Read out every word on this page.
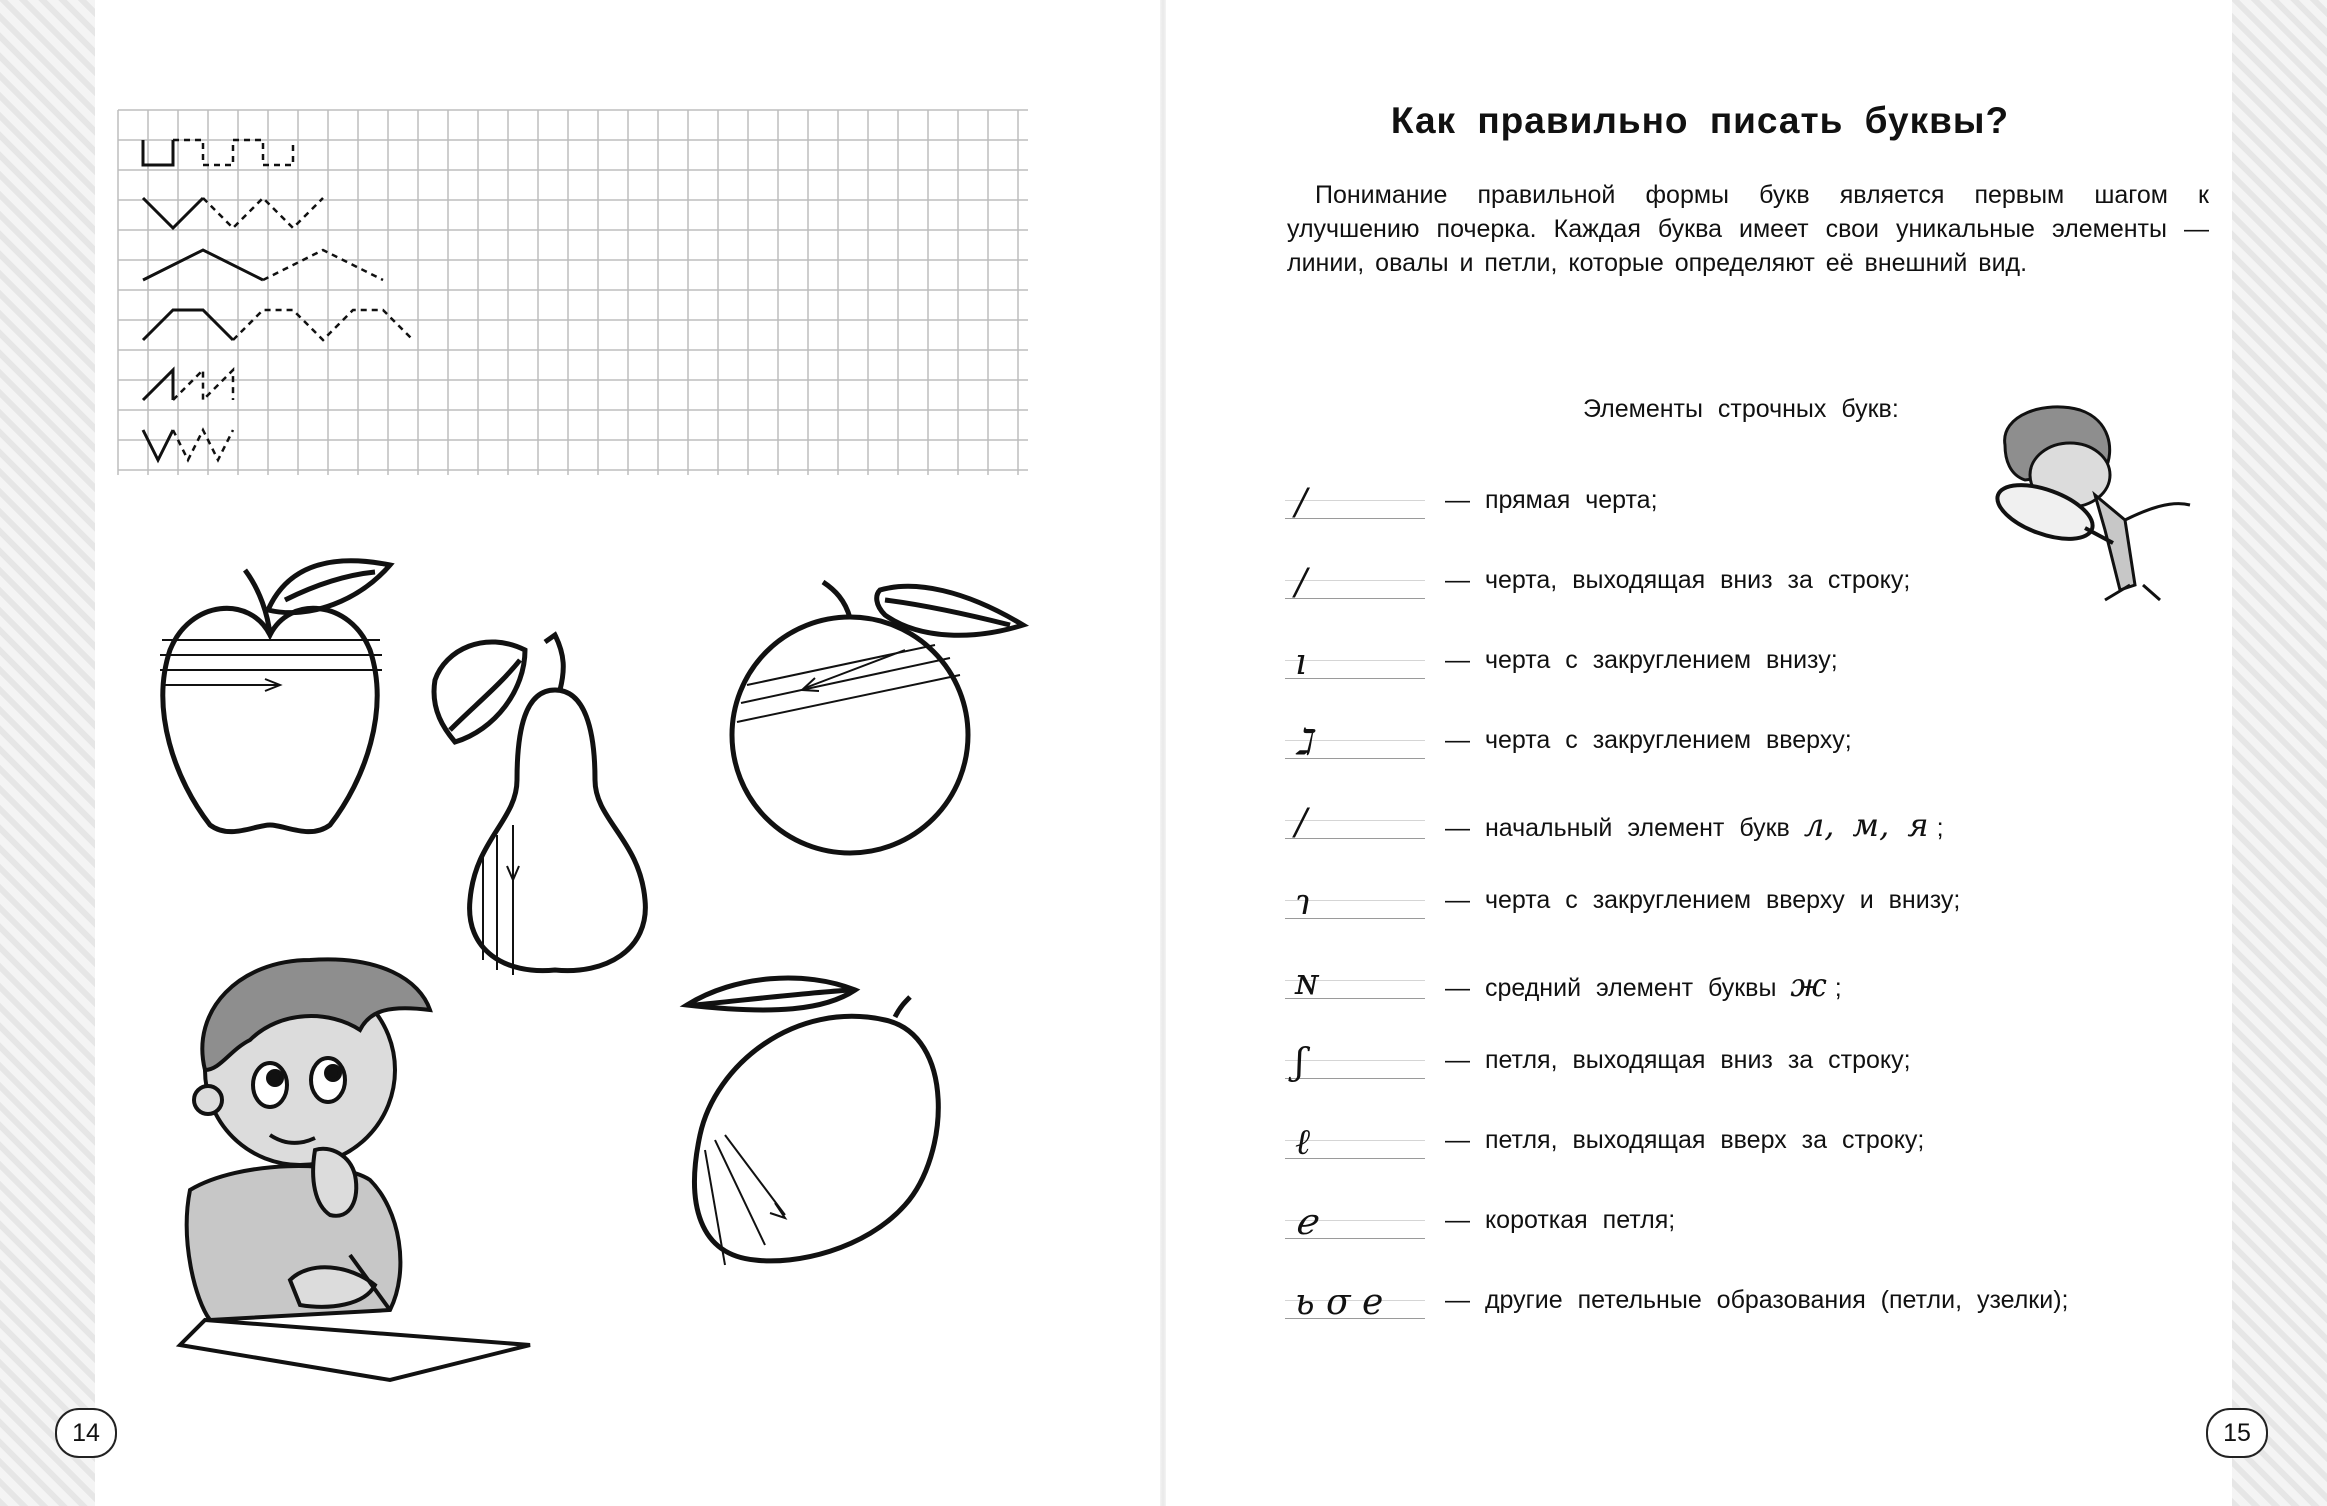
14
Как правильно писать буквы?
Понимание правильной формы букв является первым шагом к улучшению почерка. Каждая буква имеет свои уникальные элементы — линии, овалы и петли, которые определяют её внешний вид.
Элементы строчных букв:
/	— прямая черта;
/	— черта, выходящая вниз за строку;
ı	— черта с закруглением внизу;
ℷ	— черта с закруглением вверху;
/	— начальный элемент букв л, м, я ;
ɿ	— черта с закруглением вверху и внизу;
ɴ	— средний элемент буквы ж ;
ʃ	— петля, выходящая вниз за строку;
ℓ	— петля, выходящая вверх за строку;
ℯ	— короткая петля;
ь σ е	— другие петельные образования (петли, узелки);
15
